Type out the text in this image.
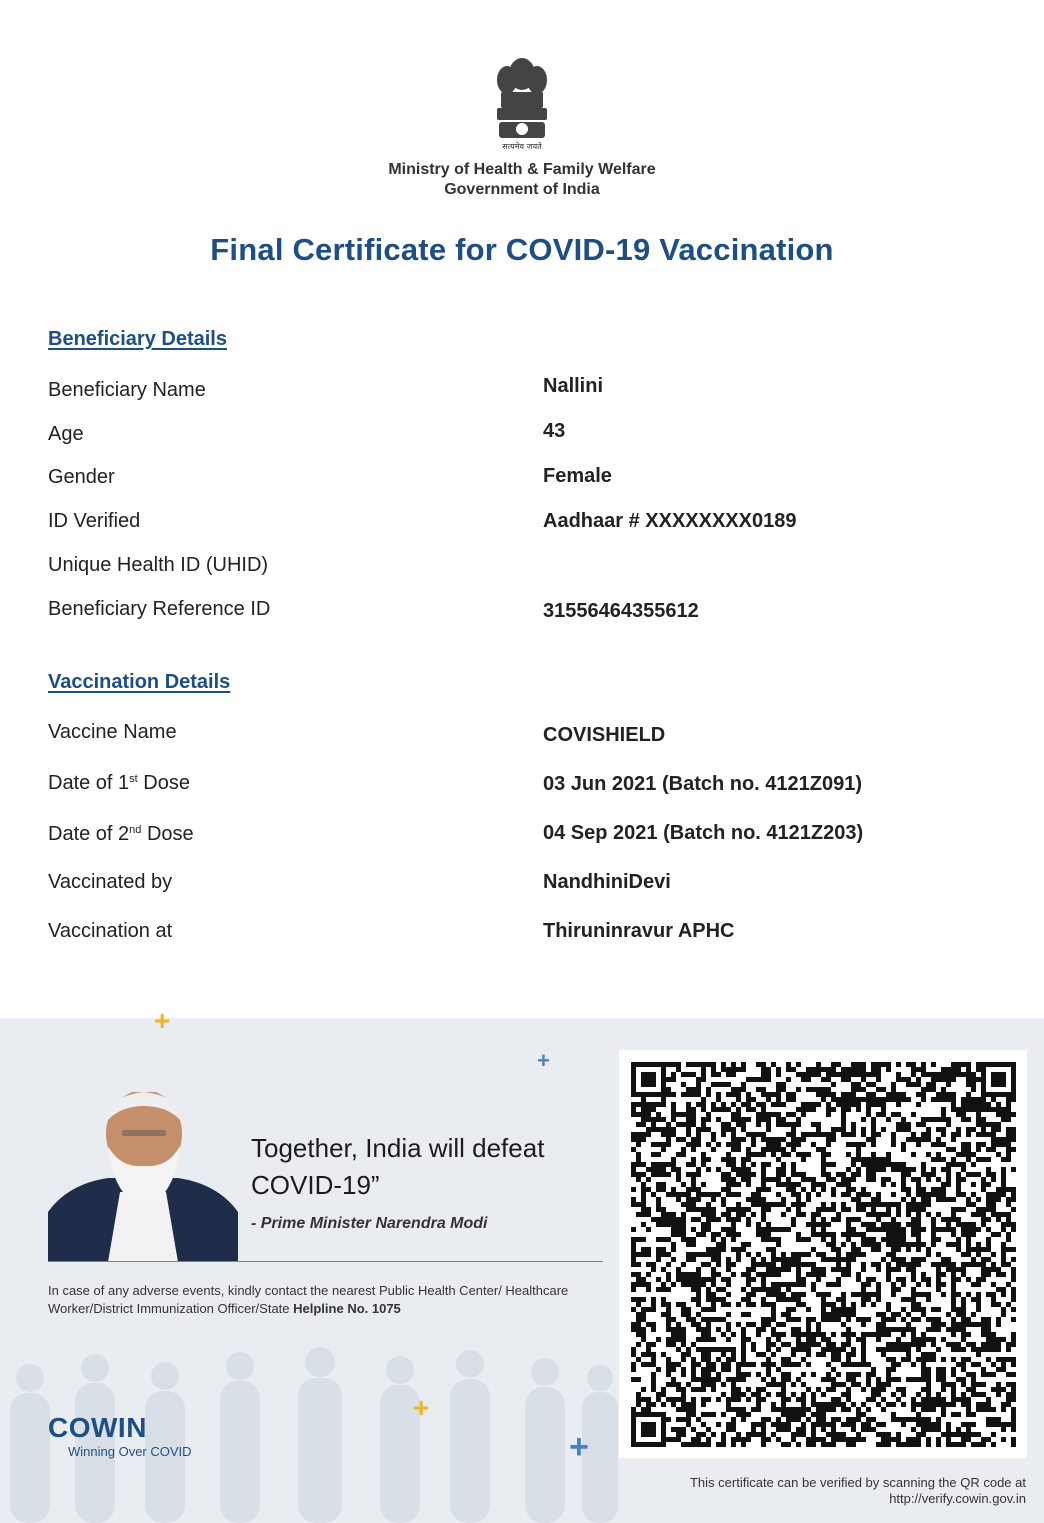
सत्यमेव जयते
Ministry of Health & Family Welfare
Government of India
Final Certificate for COVID-19 Vaccination
Beneficiary Details
Beneficiary Name	Nallini
Age	43
Gender	Female
ID Verified	Aadhaar # XXXXXXXX0189
Unique Health ID (UHID)
Beneficiary Reference ID	31556464355612
Vaccination Details
Vaccine Name	COVISHIELD
Date of 1st Dose	03 Jun 2021 (Batch no. 4121Z091)
Date of 2nd Dose	04 Sep 2021 (Batch no. 4121Z203)
Vaccinated by	NandhiniDevi
Vaccination at	Thiruninravur APHC
+
+
+
+
Together, India will defeat
COVID-19”
- Prime Minister Narendra Modi
In case of any adverse events, kindly contact the nearest Public Health Center/ Healthcare Worker/District Immunization Officer/State Helpline No. 1075
COWIN
Winning Over COVID
This certificate can be verified by scanning the QR code at
http://verify.cowin.gov.in
